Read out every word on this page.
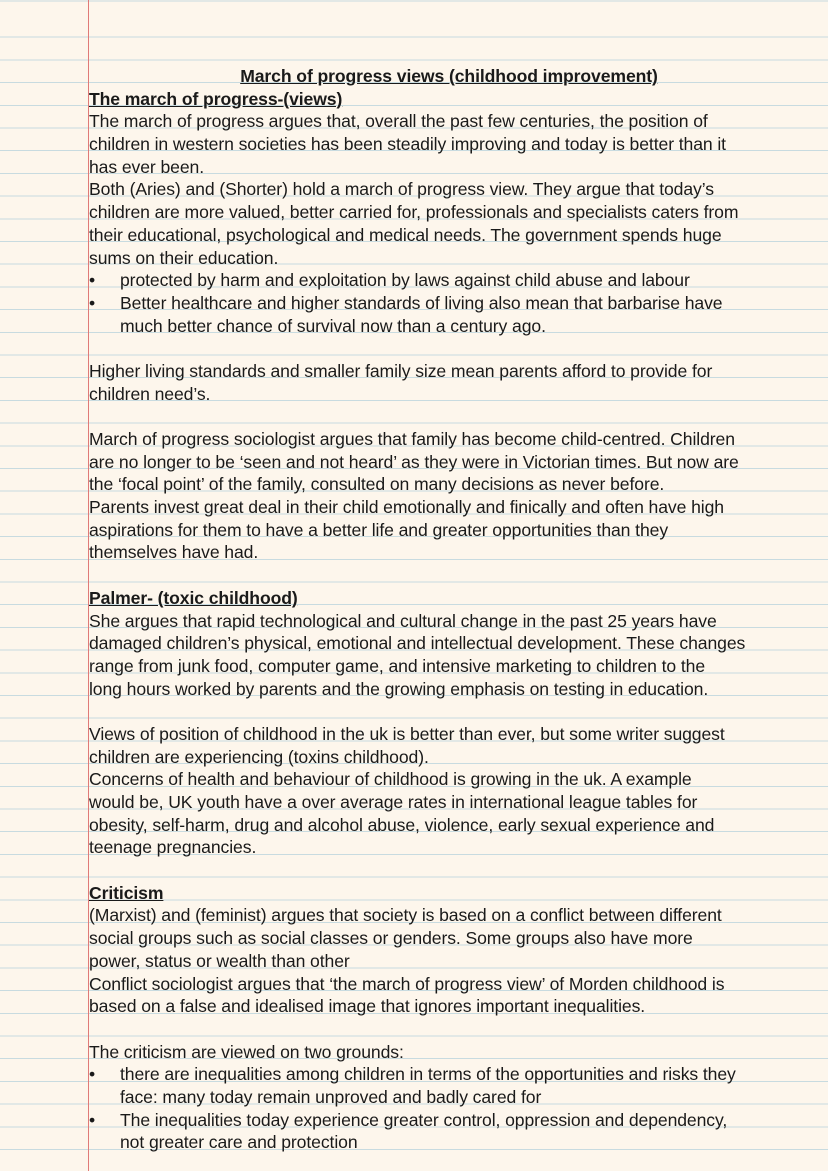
March of progress views (childhood improvement)
The march of progress-(views)
The march of progress argues that, overall the past few centuries, the position of
children in western societies has been steadily improving and today is better than it
has ever been.
Both (Aries) and (Shorter) hold a march of progress view. They argue that today’s
children are more valued, better carried for, professionals and specialists caters from
their educational, psychological and medical needs. The government spends huge
sums on their education.
• protected by harm and exploitation by laws against child abuse and labour
• Better healthcare and higher standards of living also mean that barbarise have
much better chance of survival now than a century ago.
Higher living standards and smaller family size mean parents afford to provide for
children need’s.
March of progress sociologist argues that family has become child-centred. Children
are no longer to be ‘seen and not heard’ as they were in Victorian times. But now are
the ‘focal point’ of the family, consulted on many decisions as never before.
Parents invest great deal in their child emotionally and finically and often have high
aspirations for them to have a better life and greater opportunities than they
themselves have had.
Palmer- (toxic childhood)
She argues that rapid technological and cultural change in the past 25 years have
damaged children’s physical, emotional and intellectual development. These changes
range from junk food, computer game, and intensive marketing to children to the
long hours worked by parents and the growing emphasis on testing in education.
Views of position of childhood in the uk is better than ever, but some writer suggest
children are experiencing (toxins childhood).
Concerns of health and behaviour of childhood is growing in the uk. A example
would be, UK youth have a over average rates in international league tables for
obesity, self-harm, drug and alcohol abuse, violence, early sexual experience and
teenage pregnancies.
Criticism
(Marxist) and (feminist) argues that society is based on a conflict between different
social groups such as social classes or genders. Some groups also have more
power, status or wealth than other
Conflict sociologist argues that ‘the march of progress view’ of Morden childhood is
based on a false and idealised image that ignores important inequalities.
The criticism are viewed on two grounds:
• there are inequalities among children in terms of the opportunities and risks they
face: many today remain unproved and badly cared for
• The inequalities today experience greater control, oppression and dependency,
not greater care and protection
